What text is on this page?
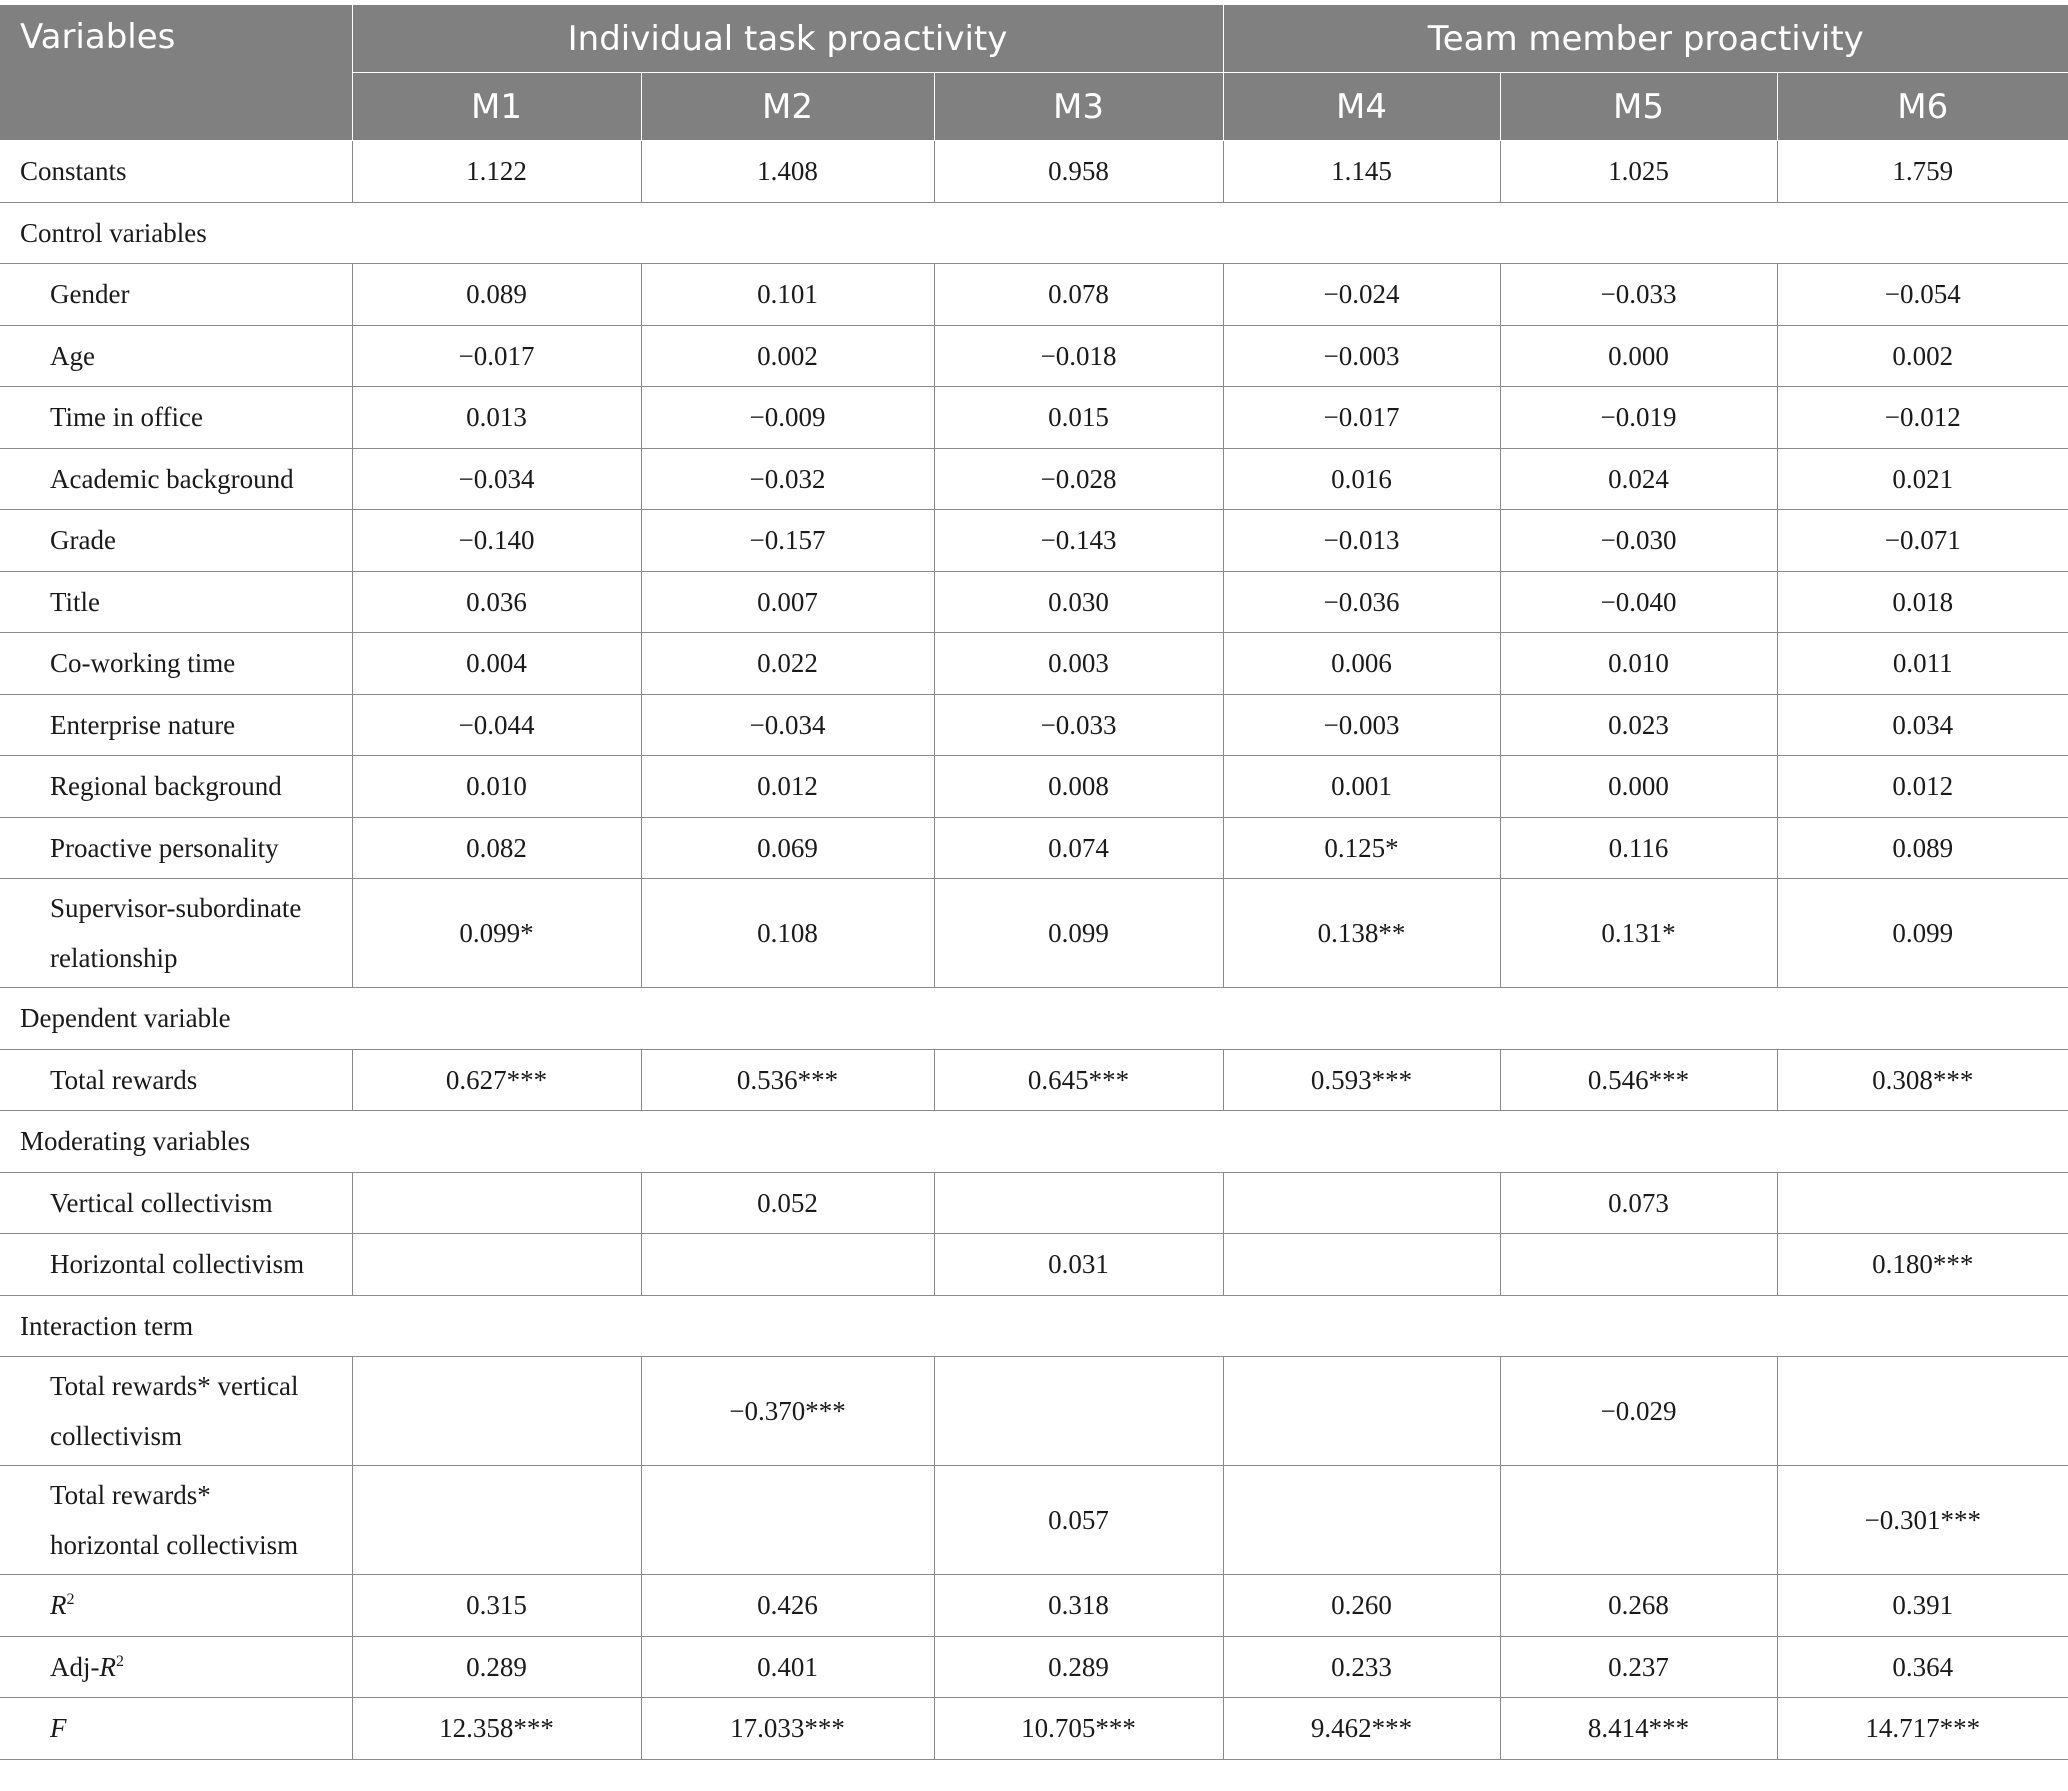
Variables	Individual task proactivity			Team member proactivity		
	M1	M2	M3	M4	M5	M6
Constants	1.122	1.408	0.958	1.145	1.025	1.759
Control variables						
Gender	0.089	0.101	0.078	−0.024	−0.033	−0.054
Age	−0.017	0.002	−0.018	−0.003	0.000	0.002
Time in office	0.013	−0.009	0.015	−0.017	−0.019	−0.012
Academic background	−0.034	−0.032	−0.028	0.016	0.024	0.021
Grade	−0.140	−0.157	−0.143	−0.013	−0.030	−0.071
Title	0.036	0.007	0.030	−0.036	−0.040	0.018
Co-working time	0.004	0.022	0.003	0.006	0.010	0.011
Enterprise nature	−0.044	−0.034	−0.033	−0.003	0.023	0.034
Regional background	0.010	0.012	0.008	0.001	0.000	0.012
Proactive personality	0.082	0.069	0.074	0.125*	0.116	0.089
Supervisor-subordinate
relationship	0.099*	0.108	0.099	0.138**	0.131*	0.099
Dependent variable						
Total rewards	0.627***	0.536***	0.645***	0.593***	0.546***	0.308***
Moderating variables						
Vertical collectivism		0.052			0.073	
Horizontal collectivism			0.031			0.180***
Interaction term						
Total rewards* vertical
collectivism		−0.370***			−0.029	
Total rewards*
horizontal collectivism			0.057			−0.301***
$R^2$	0.315	0.426	0.318	0.260	0.268	0.391
Adj-$R^2$	0.289	0.401	0.289	0.233	0.237	0.364
F	12.358***	17.033***	10.705***	9.462***	8.414***	14.717***
